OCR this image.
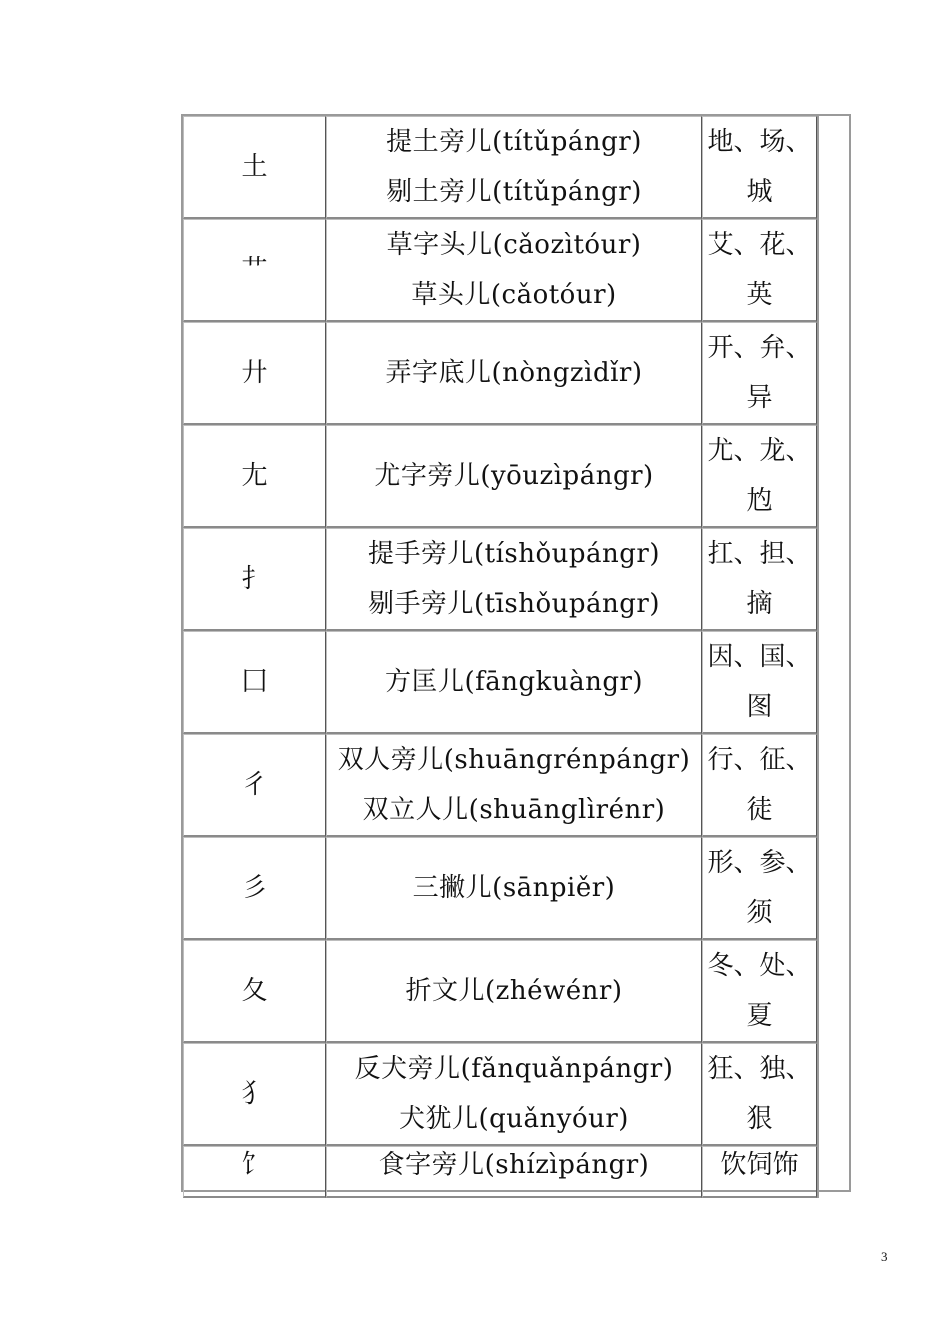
土	提土旁儿(títǔpángr)
剔土旁儿(títǔpángr)	地、场、
城

艹	草字头儿(cǎozìtóur)
草头儿(cǎotóur)	艾、花、
英

廾	弄字底儿(nòngzìdǐr)	开、弁、
异

尢	尤字旁儿(yōuzìpángr)	尤、龙、
尥

扌	提手旁儿(tíshǒupángr)
剔手旁儿(tīshǒupángr)	扛、担、
摘

囗	方匡儿(fāngkuàngr)	因、国、
图

彳	双人旁儿(shuāngrénpángr)
双立人儿(shuānglìrénr)	行、征、
徒

彡	三撇儿(sānpiěr)	形、参、
须

夂	折文儿(zhéwénr)	冬、处、
夏

犭	反犬旁儿(fǎnquǎnpángr)
犬犹儿(quǎnyóur)	狂、独、
狠

饣	食字旁儿(shízìpángr)	饮饲饰
3
